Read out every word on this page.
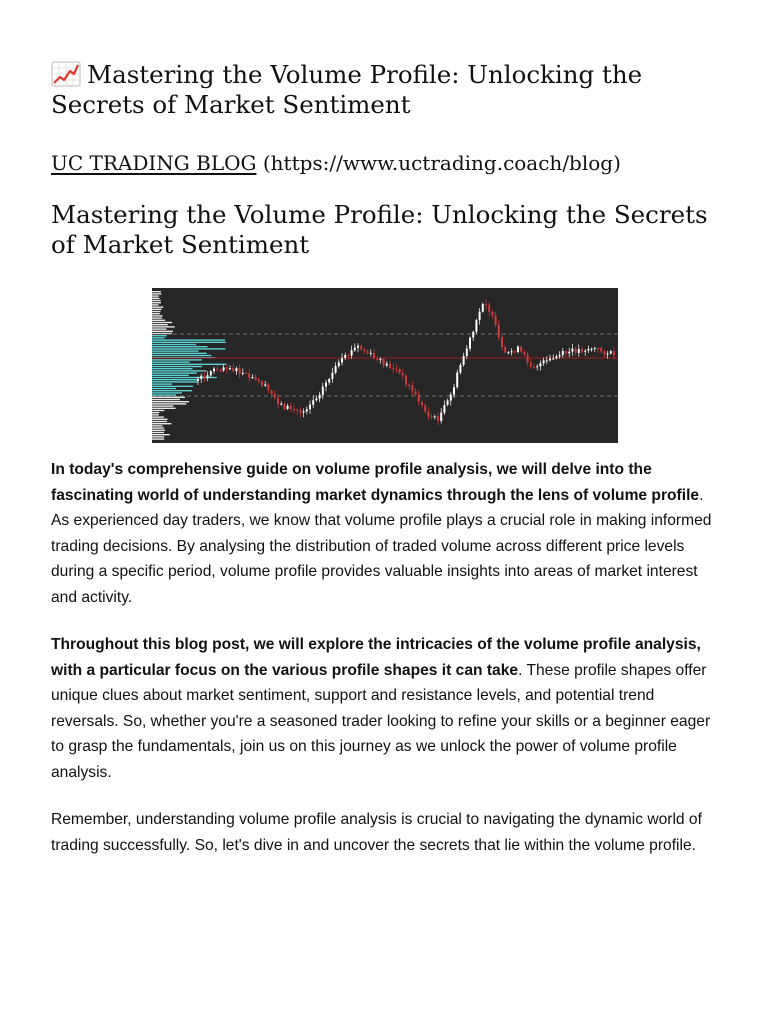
Mastering the Volume Profile: Unlocking the Secrets of Market Sentiment

UC TRADING BLOG (https://www.uctrading.coach/blog)

Mastering the Volume Profile: Unlocking the Secrets of Market Sentiment

In today's comprehensive guide on volume profile analysis, we will delve into the fascinating world of understanding market dynamics through the lens of volume profile. As experienced day traders, we know that volume profile plays a crucial role in making informed trading decisions. By analysing the distribution of traded volume across different price levels during a specific period, volume profile provides valuable insights into areas of market interest and activity.

Throughout this blog post, we will explore the intricacies of the volume profile analysis, with a particular focus on the various profile shapes it can take. These profile shapes offer unique clues about market sentiment, support and resistance levels, and potential trend reversals. So, whether you're a seasoned trader looking to refine your skills or a beginner eager to grasp the fundamentals, join us on this journey as we unlock the power of volume profile analysis.

Remember, understanding volume profile analysis is crucial to navigating the dynamic world of trading successfully. So, let's dive in and uncover the secrets that lie within the volume profile.
